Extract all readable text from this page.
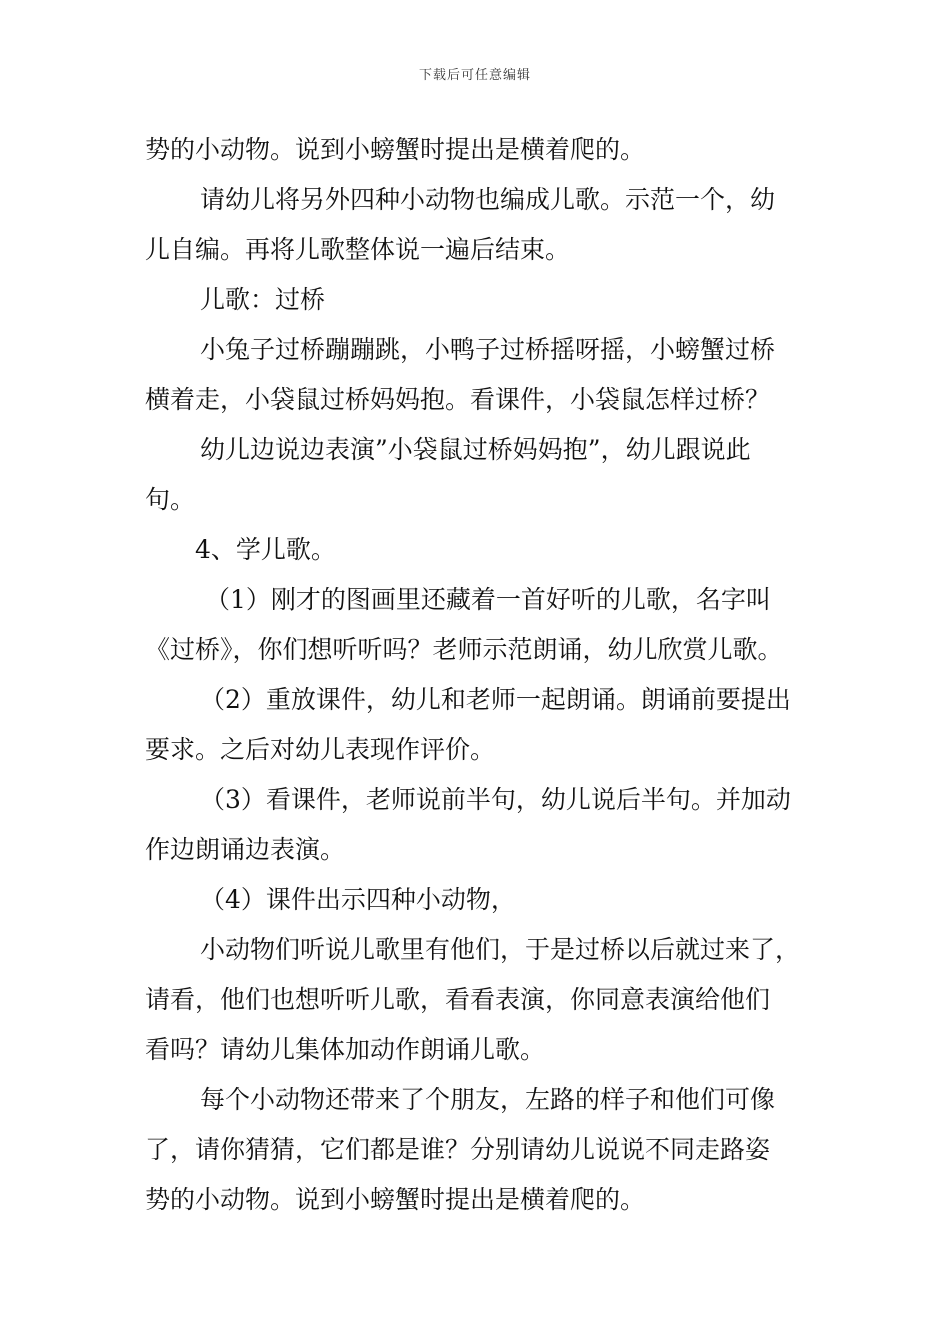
下载后可任意编辑
势的小动物。说到小螃蟹时提出是横着爬的。
请幼儿将另外四种小动物也编成儿歌。示范一个，幼
儿自编。再将儿歌整体说一遍后结束。
儿歌：过桥
小兔子过桥蹦蹦跳，小鸭子过桥摇呀摇，小螃蟹过桥
横着走，小袋鼠过桥妈妈抱。看课件，小袋鼠怎样过桥？
幼儿边说边表演”小袋鼠过桥妈妈抱”，幼儿跟说此
句。
4、学儿歌。
（1）刚才的图画里还藏着一首好听的儿歌，名字叫
《过桥》，你们想听听吗？老师示范朗诵，幼儿欣赏儿歌。
（2）重放课件，幼儿和老师一起朗诵。朗诵前要提出
要求。之后对幼儿表现作评价。
（3）看课件，老师说前半句，幼儿说后半句。并加动
作边朗诵边表演。
（4）课件出示四种小动物，
小动物们听说儿歌里有他们，于是过桥以后就过来了，
请看，他们也想听听儿歌，看看表演，你同意表演给他们
看吗？请幼儿集体加动作朗诵儿歌。
每个小动物还带来了个朋友，左路的样子和他们可像
了，请你猜猜，它们都是谁？分别请幼儿说说不同走路姿
势的小动物。说到小螃蟹时提出是横着爬的。
